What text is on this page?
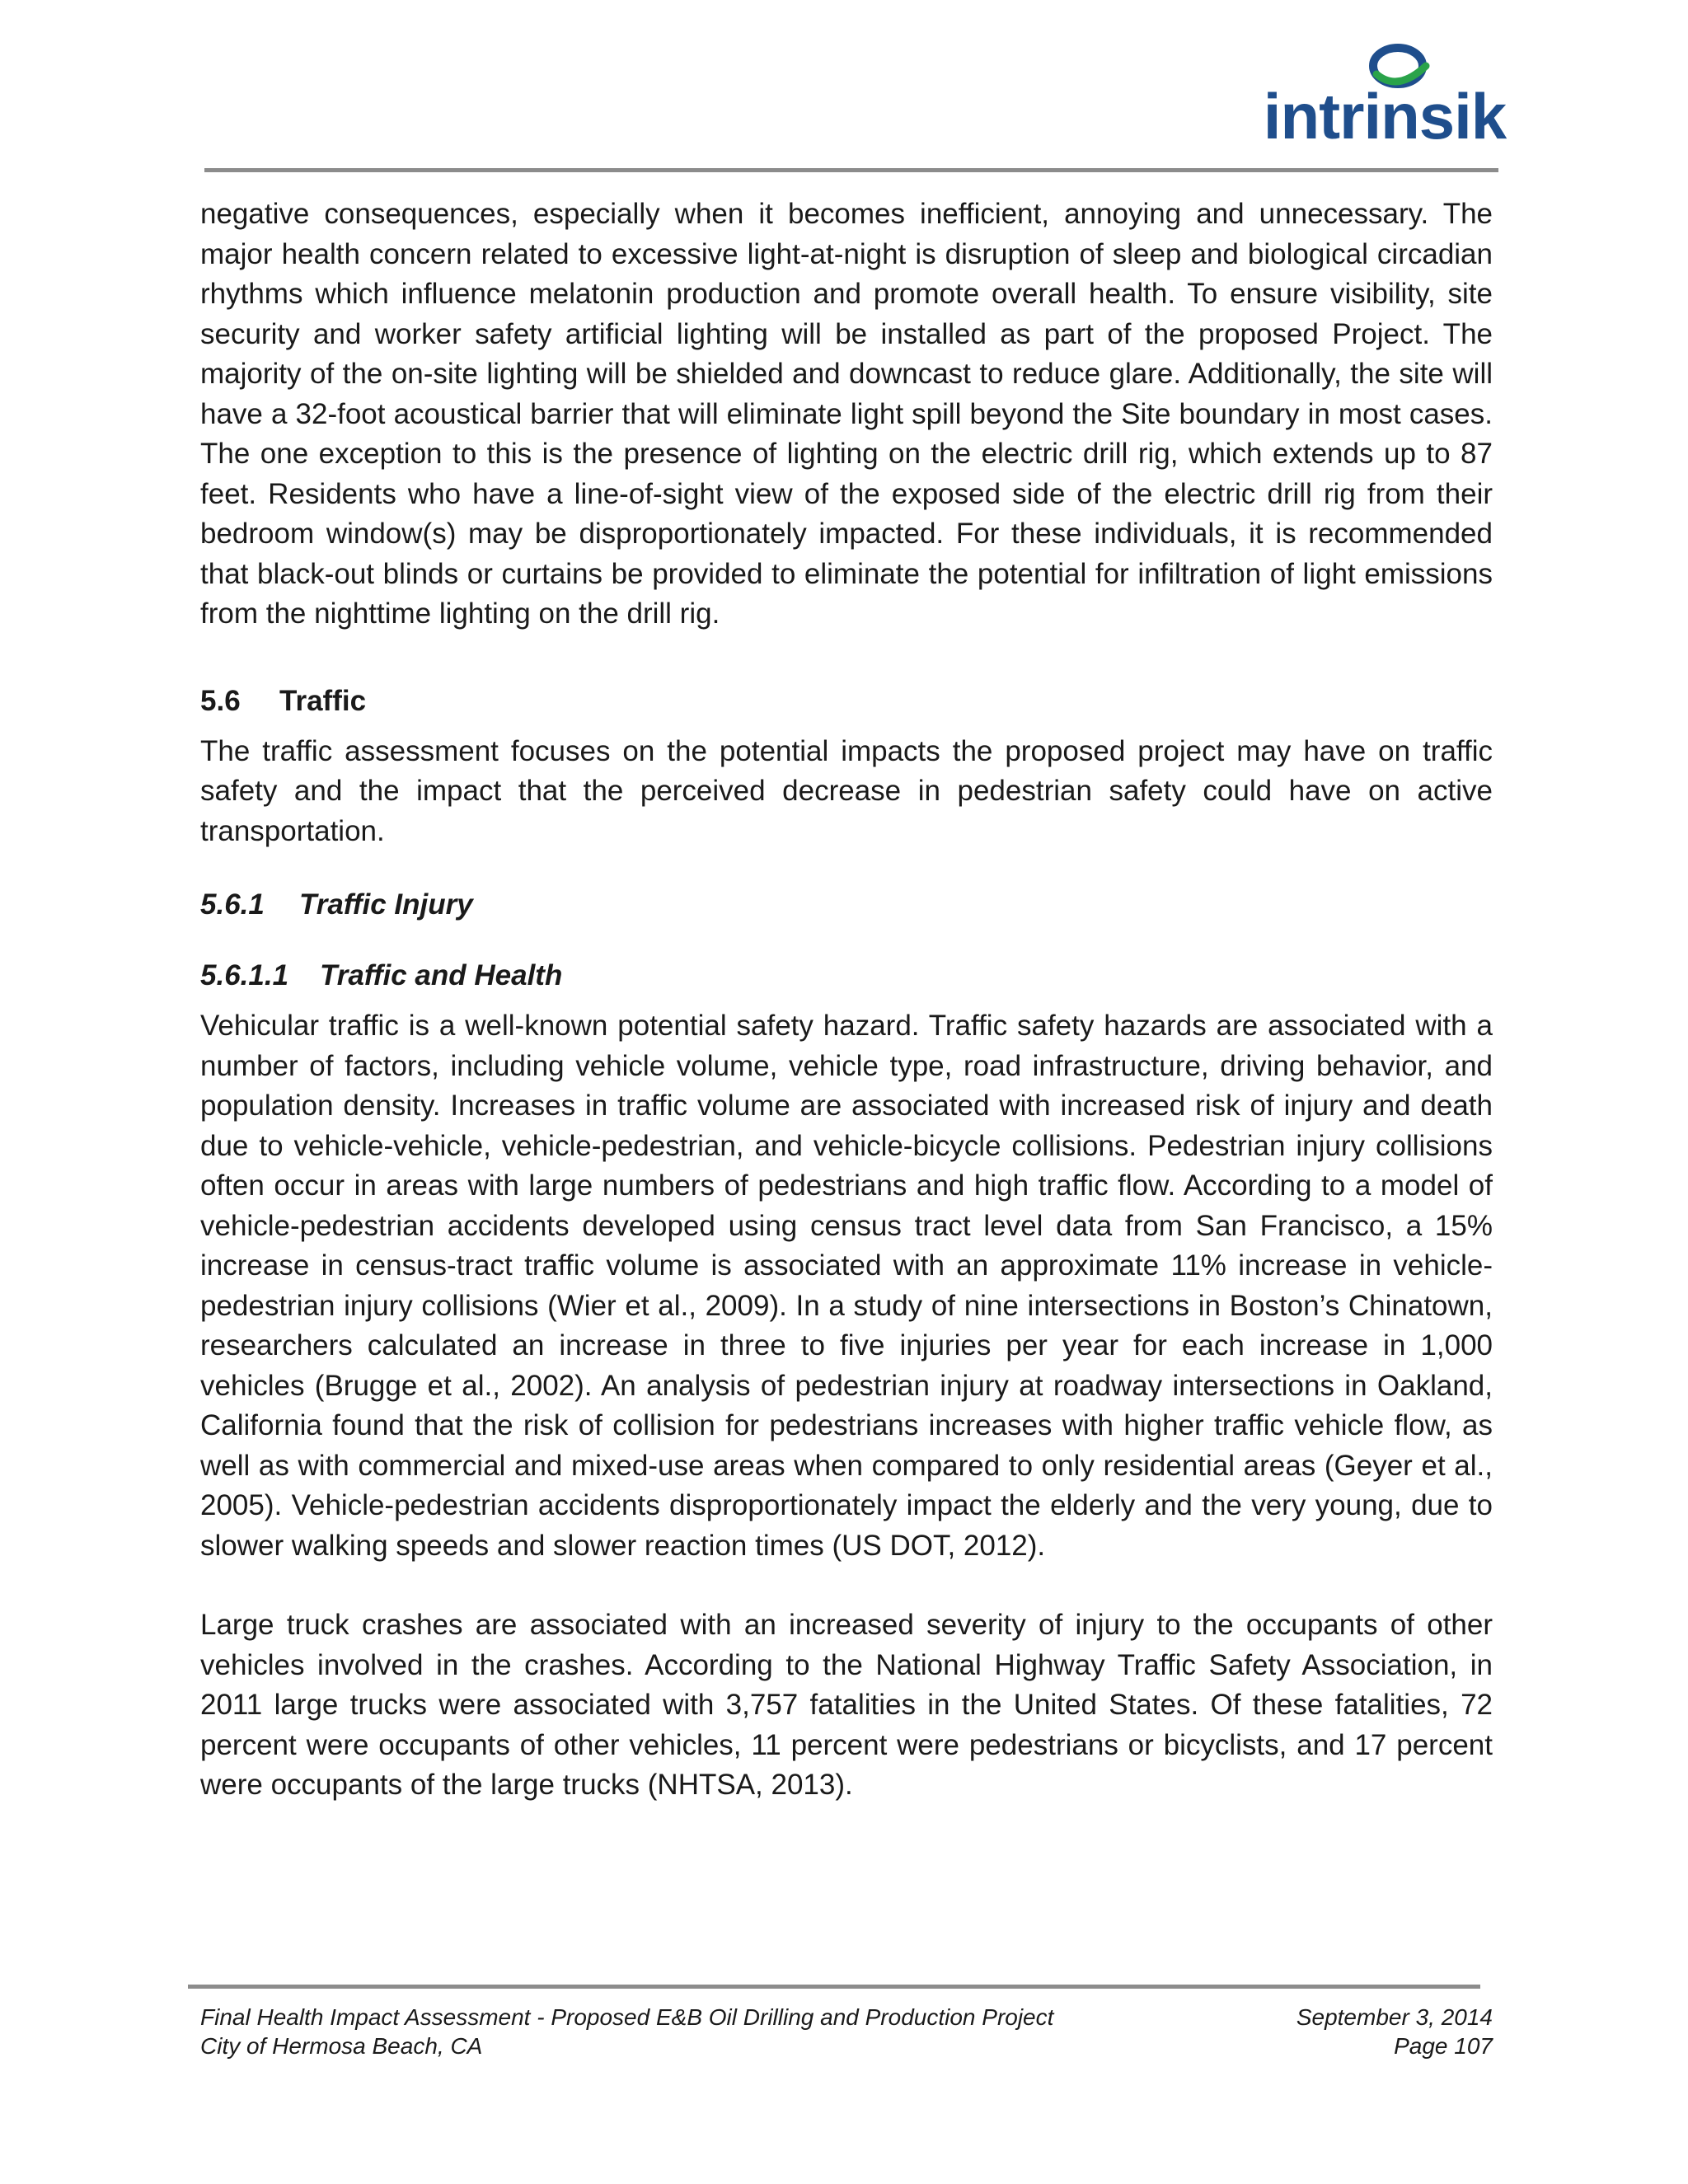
intrinsik

negative consequences, especially when it becomes inefficient, annoying and unnecessary. The major health concern related to excessive light-at-night is disruption of sleep and biological circadian rhythms which influence melatonin production and promote overall health. To ensure visibility, site security and worker safety artificial lighting will be installed as part of the proposed Project. The majority of the on-site lighting will be shielded and downcast to reduce glare. Additionally, the site will have a 32-foot acoustical barrier that will eliminate light spill beyond the Site boundary in most cases. The one exception to this is the presence of lighting on the electric drill rig, which extends up to 87 feet. Residents who have a line-of-sight view of the exposed side of the electric drill rig from their bedroom window(s) may be disproportionately impacted. For these individuals, it is recommended that black-out blinds or curtains be provided to eliminate the potential for infiltration of light emissions from the nighttime lighting on the drill rig.

5.6 Traffic

The traffic assessment focuses on the potential impacts the proposed project may have on traffic safety and the impact that the perceived decrease in pedestrian safety could have on active transportation.

5.6.1 Traffic Injury
5.6.1.1 Traffic and Health

Vehicular traffic is a well-known potential safety hazard. Traffic safety hazards are associated with a number of factors, including vehicle volume, vehicle type, road infrastructure, driving behavior, and population density. Increases in traffic volume are associated with increased risk of injury and death due to vehicle-vehicle, vehicle-pedestrian, and vehicle-bicycle collisions. Pedestrian injury collisions often occur in areas with large numbers of pedestrians and high traffic flow. According to a model of vehicle-pedestrian accidents developed using census tract level data from San Francisco, a 15% increase in census-tract traffic volume is associated with an approximate 11% increase in vehicle-pedestrian injury collisions (Wier et al., 2009). In a study of nine intersections in Boston’s Chinatown, researchers calculated an increase in three to five injuries per year for each increase in 1,000 vehicles (Brugge et al., 2002). An analysis of pedestrian injury at roadway intersections in Oakland, California found that the risk of collision for pedestrians increases with higher traffic vehicle flow, as well as with commercial and mixed-use areas when compared to only residential areas (Geyer et al., 2005). Vehicle-pedestrian accidents disproportionately impact the elderly and the very young, due to slower walking speeds and slower reaction times (US DOT, 2012).

Large truck crashes are associated with an increased severity of injury to the occupants of other vehicles involved in the crashes. According to the National Highway Traffic Safety Association, in 2011 large trucks were associated with 3,757 fatalities in the United States. Of these fatalities, 72 percent were occupants of other vehicles, 11 percent were pedestrians or bicyclists, and 17 percent were occupants of the large trucks (NHTSA, 2013).

Final Health Impact Assessment - Proposed E&B Oil Drilling and Production Project	September 3, 2014
City of Hermosa Beach, CA	Page 107
